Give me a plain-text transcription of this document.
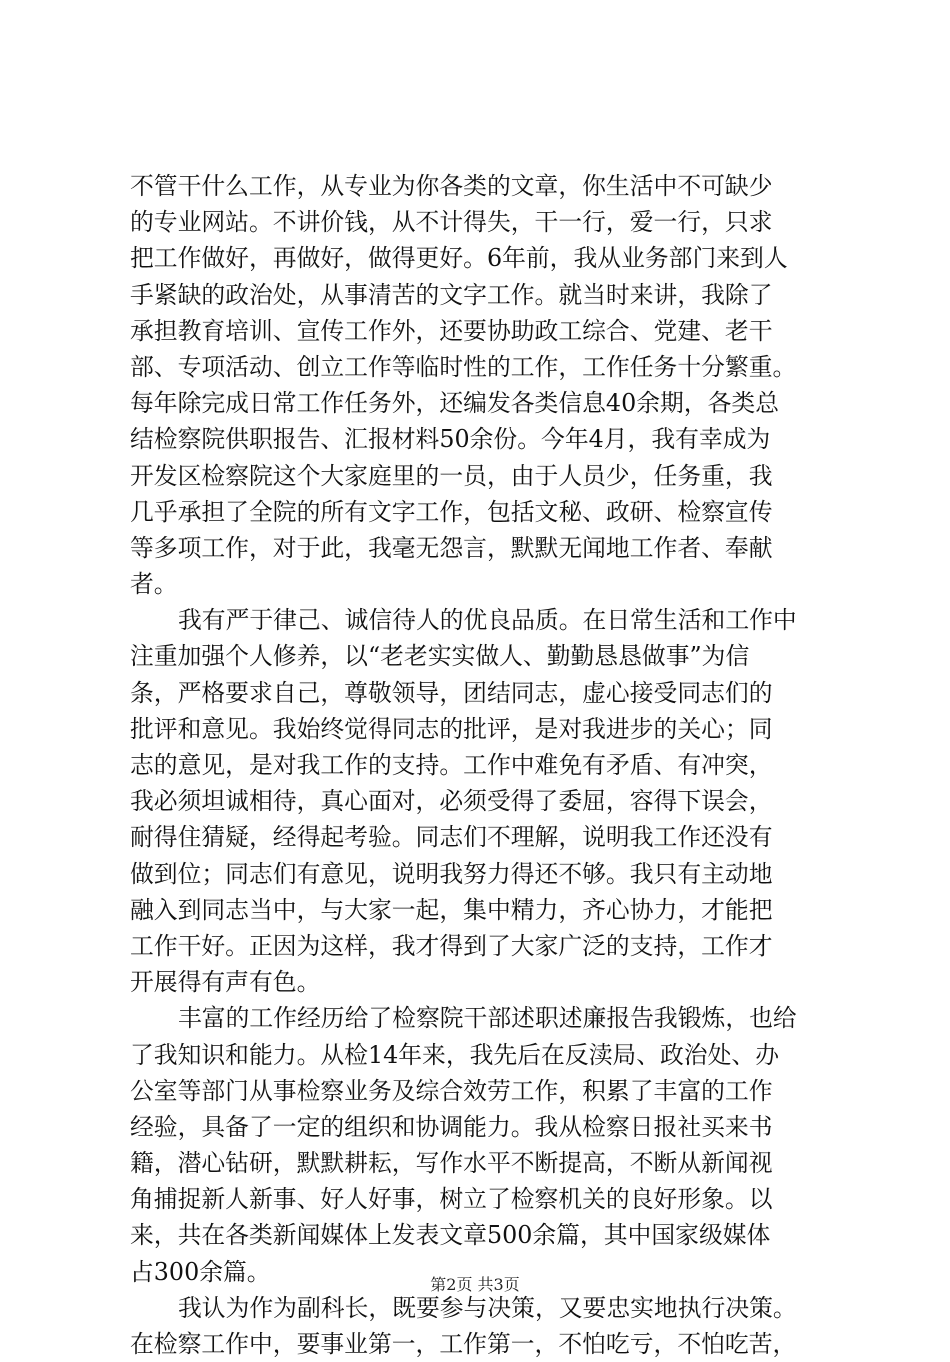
不管干什么工作，从专业为你各类的文章，你生活中不可缺少
的专业网站。不讲价钱，从不计得失，干一行，爱一行，只求
把工作做好，再做好，做得更好。6年前，我从业务部门来到人
手紧缺的政治处，从事清苦的文字工作。就当时来讲，我除了
承担教育培训、宣传工作外，还要协助政工综合、党建、老干
部、专项活动、创立工作等临时性的工作，工作任务十分繁重。
每年除完成日常工作任务外，还编发各类信息40余期，各类总
结检察院供职报告、汇报材料50余份。今年4月，我有幸成为
开发区检察院这个大家庭里的一员，由于人员少，任务重，我
几乎承担了全院的所有文字工作，包括文秘、政研、检察宣传
等多项工作，对于此，我毫无怨言，默默无闻地工作者、奉献
者。
我有严于律己、诚信待人的优良品质。在日常生活和工作中
注重加强个人修养，以“老老实实做人、勤勤恳恳做事”为信
条，严格要求自己，尊敬领导，团结同志，虚心接受同志们的
批评和意见。我始终觉得同志的批评，是对我进步的关心；同
志的意见，是对我工作的支持。工作中难免有矛盾、有冲突，
我必须坦诚相待，真心面对，必须受得了委屈，容得下误会，
耐得住猜疑，经得起考验。同志们不理解，说明我工作还没有
做到位；同志们有意见，说明我努力得还不够。我只有主动地
融入到同志当中，与大家一起，集中精力，齐心协力，才能把
工作干好。正因为这样，我才得到了大家广泛的支持，工作才
开展得有声有色。
丰富的工作经历给了检察院干部述职述廉报告我锻炼，也给
了我知识和能力。从检14年来，我先后在反渎局、政治处、办
公室等部门从事检察业务及综合效劳工作，积累了丰富的工作
经验，具备了一定的组织和协调能力。我从检察日报社买来书
籍，潜心钻研，默默耕耘，写作水平不断提高，不断从新闻视
角捕捉新人新事、好人好事，树立了检察机关的良好形象。以
来，共在各类新闻媒体上发表文章500余篇，其中国家级媒体
占300余篇。
我认为作为副科长，既要参与决策，又要忠实地执行决策。
在检察工作中，要事业第一，工作第一，不怕吃亏，不怕吃苦，
第2页 共3页
